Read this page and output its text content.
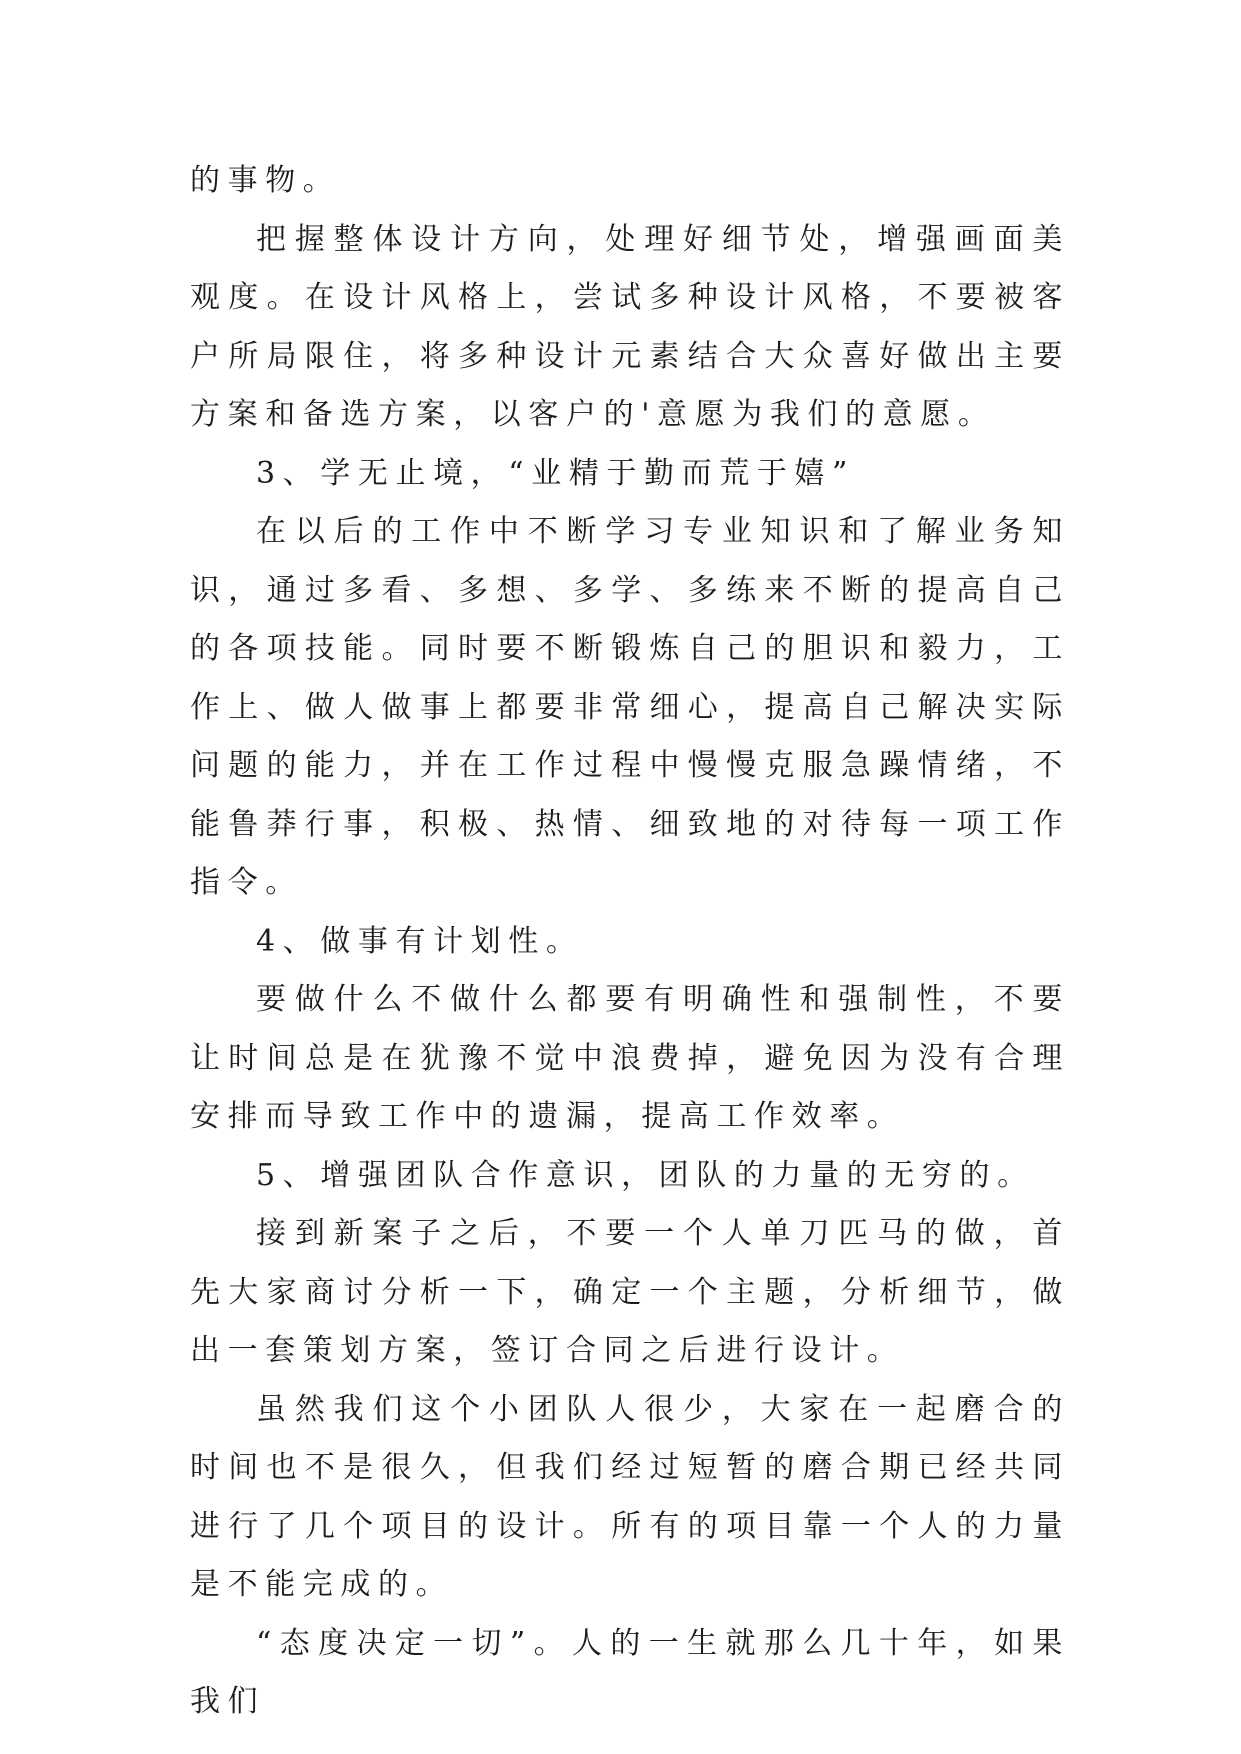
的事物。

把握整体设计方向，处理好细节处，增强画面美观度。在设计风格上，尝试多种设计风格，不要被客户所局限住，将多种设计元素结合大众喜好做出主要方案和备选方案，以客户的'意愿为我们的意愿。

3、学无止境，“业精于勤而荒于嬉”

在以后的工作中不断学习专业知识和了解业务知识，通过多看、多想、多学、多练来不断的提高自己的各项技能。同时要不断锻炼自己的胆识和毅力，工作上、做人做事上都要非常细心，提高自己解决实际问题的能力，并在工作过程中慢慢克服急躁情绪，不能鲁莽行事，积极、热情、细致地的对待每一项工作指令。

4、做事有计划性。

要做什么不做什么都要有明确性和强制性，不要让时间总是在犹豫不觉中浪费掉，避免因为没有合理安排而导致工作中的遗漏，提高工作效率。

5、增强团队合作意识，团队的力量的无穷的。

接到新案子之后，不要一个人单刀匹马的做，首先大家商讨分析一下，确定一个主题，分析细节，做出一套策划方案，签订合同之后进行设计。

虽然我们这个小团队人很少，大家在一起磨合的时间也不是很久，但我们经过短暂的磨合期已经共同进行了几个项目的设计。所有的项目靠一个人的力量是不能完成的。

“态度决定一切”。人的一生就那么几十年，如果我们
